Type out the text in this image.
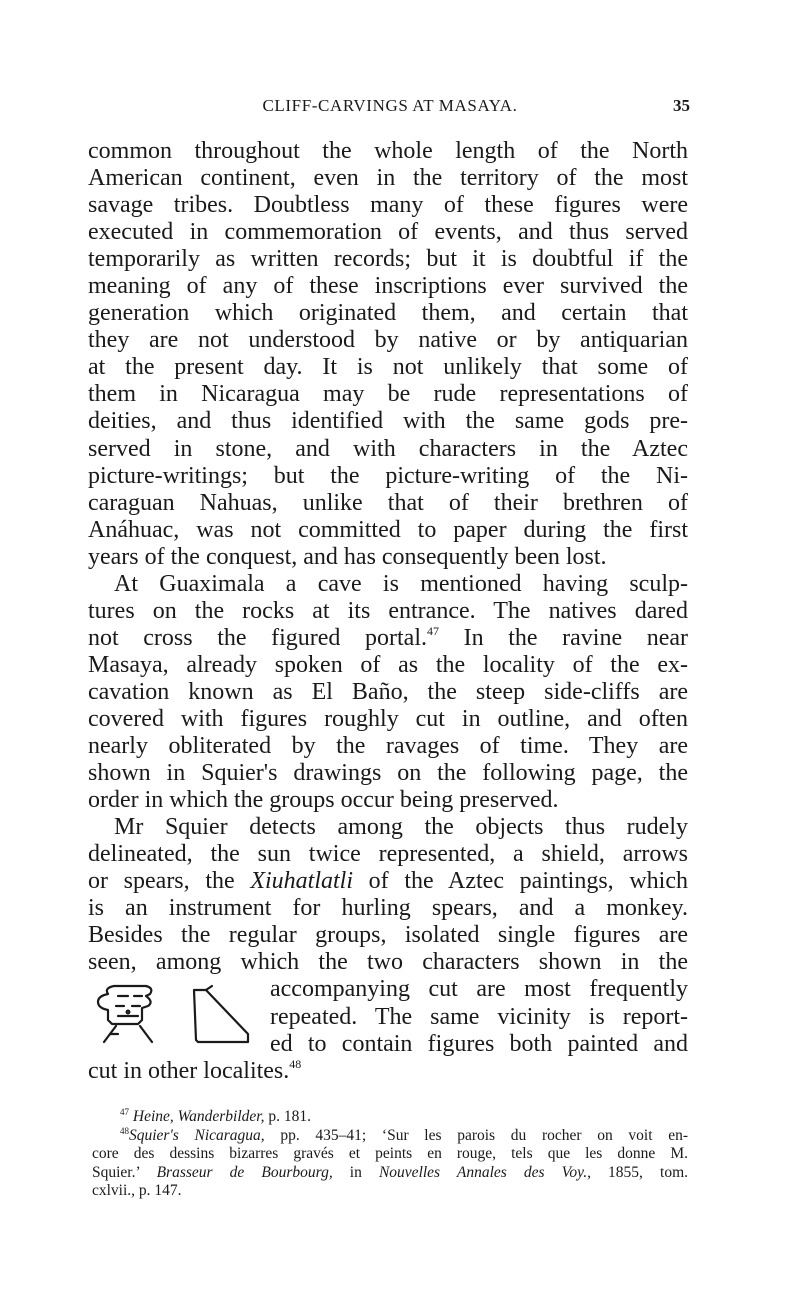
CLIFF-CARVINGS AT MASAYA.	35
common throughout the whole length of the North
American continent, even in the territory of the most
savage tribes. Doubtless many of these figures were
executed in commemoration of events, and thus served
temporarily as written records; but it is doubtful if the
meaning of any of these inscriptions ever survived the
generation which originated them, and certain that
they are not understood by native or by antiquarian
at the present day. It is not unlikely that some of
them in Nicaragua may be rude representations of
deities, and thus identified with the same gods pre-
served in stone, and with characters in the Aztec
picture-writings; but the picture-writing of the Ni-
caraguan Nahuas, unlike that of their brethren of
Anáhuac, was not committed to paper during the first
years of the conquest, and has consequently been lost.
At Guaximala a cave is mentioned having sculp-
tures on the rocks at its entrance. The natives dared
not cross the figured portal.$^{47}$ In the ravine near
Masaya, already spoken of as the locality of the ex-
cavation known as El Baño, the steep side-cliffs are
covered with figures roughly cut in outline, and often
nearly obliterated by the ravages of time. They are
shown in Squier's drawings on the following page, the
order in which the groups occur being preserved.
Mr Squier detects among the objects thus rudely
delineated, the sun twice represented, a shield, arrows
or spears, the Xiuhatlatli of the Aztec paintings, which
is an instrument for hurling spears, and a monkey.
Besides the regular groups, isolated single figures are
seen, among which the two characters shown in the
accompanying cut are most frequently
repeated. The same vicinity is report-
ed to contain figures both painted and
cut in other localites.$^{48}$
$^{47}$ Heine, Wanderbilder, p. 181.
$^{48}$Squier's Nicaragua, pp. 435–41; ‘Sur les parois du rocher on voit en-
core des dessins bizarres gravés et peints en rouge, tels que les donne M.
Squier.’ Brasseur de Bourbourg, in Nouvelles Annales des Voy., 1855, tom.
cxlvii., p. 147.
